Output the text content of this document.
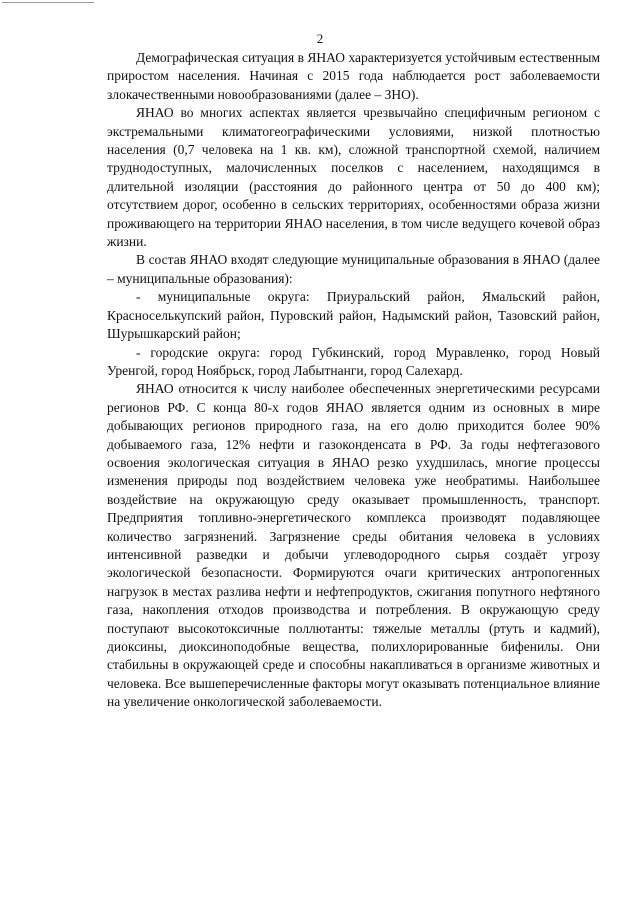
2

Демографическая ситуация в ЯНАО характеризуется устойчивым естественным приростом населения. Начиная с 2015 года наблюдается рост заболеваемости злокачественными новообразованиями (далее – ЗНО).

ЯНАО во многих аспектах является чрезвычайно специфичным регионом с экстремальными климатогеографическими условиями, низкой плотностью населения (0,7 человека на 1 кв. км), сложной транспортной схемой, наличием труднодоступных, малочисленных поселков с населением, находящимся в длительной изоляции (расстояния до районного центра от 50 до 400 км); отсутствием дорог, особенно в сельских территориях, особенностями образа жизни проживающего на территории ЯНАО населения, в том числе ведущего кочевой образ жизни.

В состав ЯНАО входят следующие муниципальные образования в ЯНАО (далее – муниципальные образования):

- муниципальные округа: Приуральский район, Ямальский район, Красноселькупский район, Пуровский район, Надымский район, Тазовский район, Шурышкарский район;

- городские округа: город Губкинский, город Муравленко, город Новый Уренгой, город Ноябрьск, город Лабытнанги, город Салехард.

ЯНАО относится к числу наиболее обеспеченных энергетическими ресурсами регионов РФ. С конца 80-х годов ЯНАО является одним из основных в мире добывающих регионов природного газа, на его долю приходится более 90% добываемого газа, 12% нефти и газоконденсата в РФ. За годы нефтегазового освоения экологическая ситуация в ЯНАО резко ухудшилась, многие процессы изменения природы под воздействием человека уже необратимы. Наибольшее воздействие на окружающую среду оказывает промышленность, транспорт. Предприятия топливно-энергетического комплекса производят подавляющее количество загрязнений. Загрязнение среды обитания человека в условиях интенсивной разведки и добычи углеводородного сырья создаёт угрозу экологической безопасности. Формируются очаги критических антропогенных нагрузок в местах разлива нефти и нефтепродуктов, сжигания попутного нефтяного газа, накопления отходов производства и потребления. В окружающую среду поступают высокотоксичные поллютанты: тяжелые металлы (ртуть и кадмий), диоксины, диоксиноподобные вещества, полихлорированные бифенилы. Они стабильны в окружающей среде и способны накапливаться в организме животных и человека. Все вышеперечисленные факторы могут оказывать потенциальное влияние на увеличение онкологической заболеваемости.
